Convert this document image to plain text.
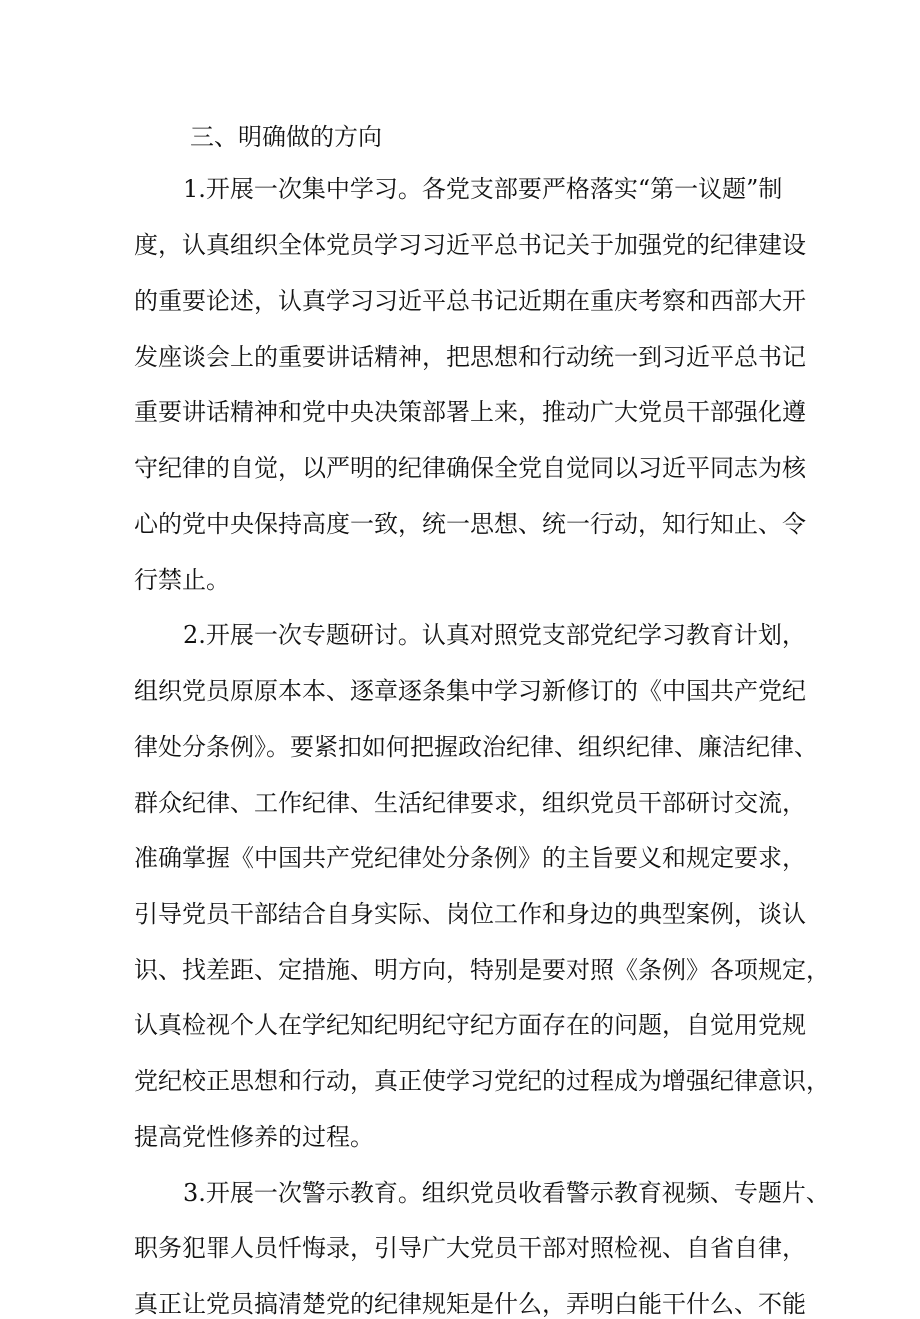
三、明确做的方向

1.开展一次集中学习。各党支部要严格落实“第一议题”制

度，认真组织全体党员学习习近平总书记关于加强党的纪律建设

的重要论述，认真学习习近平总书记近期在重庆考察和西部大开

发座谈会上的重要讲话精神，把思想和行动统一到习近平总书记

重要讲话精神和党中央决策部署上来，推动广大党员干部强化遵

守纪律的自觉，以严明的纪律确保全党自觉同以习近平同志为核

心的党中央保持高度一致，统一思想、统一行动，知行知止、令

行禁止。

2.开展一次专题研讨。认真对照党支部党纪学习教育计划，

组织党员原原本本、逐章逐条集中学习新修订的《中国共产党纪

律处分条例》。要紧扣如何把握政治纪律、组织纪律、廉洁纪律、

群众纪律、工作纪律、生活纪律要求，组织党员干部研讨交流，

准确掌握《中国共产党纪律处分条例》的主旨要义和规定要求，

引导党员干部结合自身实际、岗位工作和身边的典型案例，谈认

识、找差距、定措施、明方向，特别是要对照《条例》各项规定，

认真检视个人在学纪知纪明纪守纪方面存在的问题，自觉用党规

党纪校正思想和行动，真正使学习党纪的过程成为增强纪律意识，

提高党性修养的过程。

3.开展一次警示教育。组织党员收看警示教育视频、专题片、

职务犯罪人员忏悔录，引导广大党员干部对照检视、自省自律，

真正让党员搞清楚党的纪律规矩是什么，弄明白能干什么、不能
